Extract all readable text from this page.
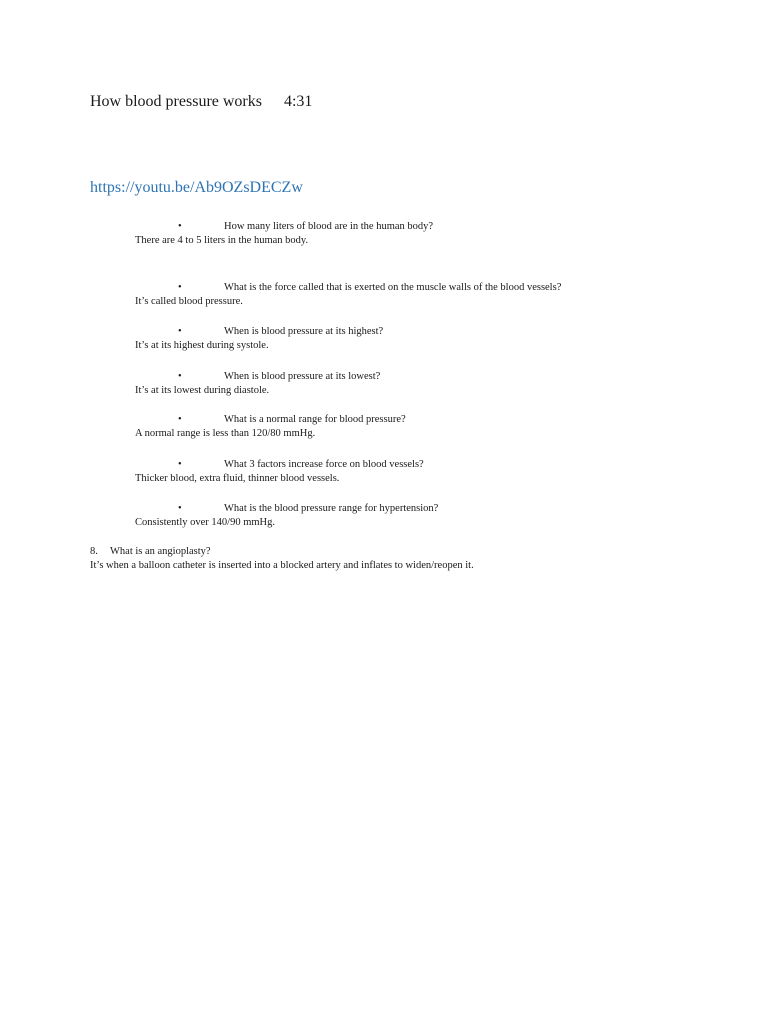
How blood pressure works 4:31
https://youtu.be/Ab9OZsDECZw
•	How many liters of blood are in the human body?
There are 4 to 5 liters in the human body.
•	What is the force called that is exerted on the muscle walls of the blood vessels?
It’s called blood pressure.
•	When is blood pressure at its highest?
It’s at its highest during systole.
•	When is blood pressure at its lowest?
It’s at its lowest during diastole.
•	What is a normal range for blood pressure?
A normal range is less than 120/80 mmHg.
•	What 3 factors increase force on blood vessels?
Thicker blood, extra fluid, thinner blood vessels.
•	What is the blood pressure range for hypertension?
Consistently over 140/90 mmHg.
8. What is an angioplasty?
It’s when a balloon catheter is inserted into a blocked artery and inflates to widen/reopen it.
